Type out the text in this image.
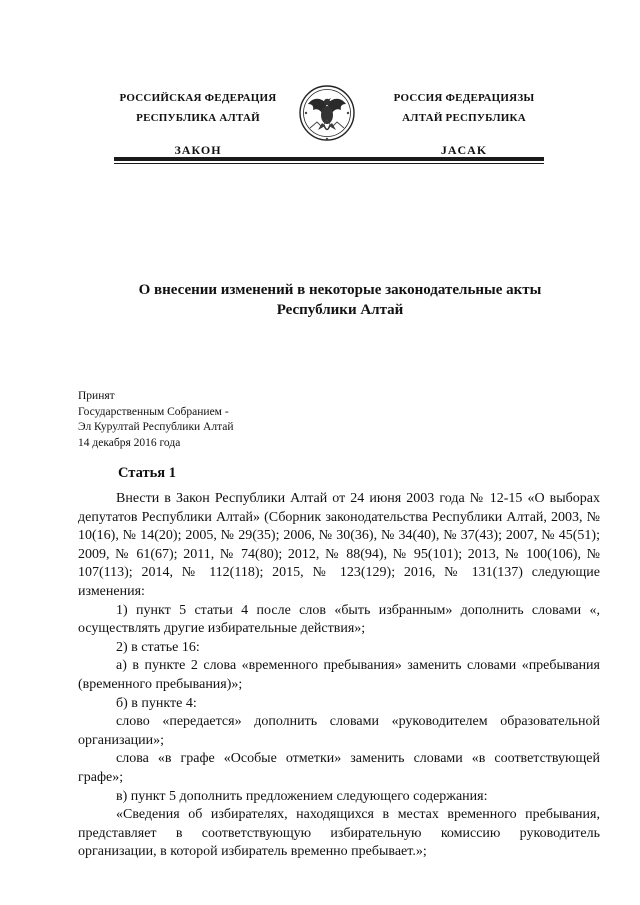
РОССИЙСКАЯ ФЕДЕРАЦИЯ
РЕСПУБЛИКА АЛТАЙ
ЗАКОН
РОССИЯ ФЕДЕРАЦИЯЗЫ
АЛТАЙ РЕСПУБЛИКА
JACAK
О внесении изменений в некоторые законодательные акты
Республики Алтай
Принят
Государственным Собранием -
Эл Курултай Республики Алтай
14 декабря 2016 года
Статья 1

Внести в Закон Республики Алтай от 24 июня 2003 года № 12-15 «О выборах депутатов Республики Алтай» (Сборник законодательства Республики Алтай, 2003, № 10(16), № 14(20); 2005, № 29(35); 2006, № 30(36), № 34(40), № 37(43); 2007, № 45(51); 2009, № 61(67); 2011, № 74(80); 2012, № 88(94), № 95(101); 2013, № 100(106), № 107(113); 2014, № 112(118); 2015, № 123(129); 2016, № 131(137) следующие изменения:

1) пункт 5 статьи 4 после слов «быть избранным» дополнить словами «, осуществлять другие избирательные действия»;

2) в статье 16:

а) в пункте 2 слова «временного пребывания» заменить словами «пребывания (временного пребывания)»;

б) в пункте 4:

слово «передается» дополнить словами «руководителем образовательной организации»;

слова «в графе «Особые отметки» заменить словами «в соответствующей графе»;

в) пункт 5 дополнить предложением следующего содержания:

«Сведения об избирателях, находящихся в местах временного пребывания, представляет в соответствующую избирательную комиссию руководитель организации, в которой избиратель временно пребывает.»;
